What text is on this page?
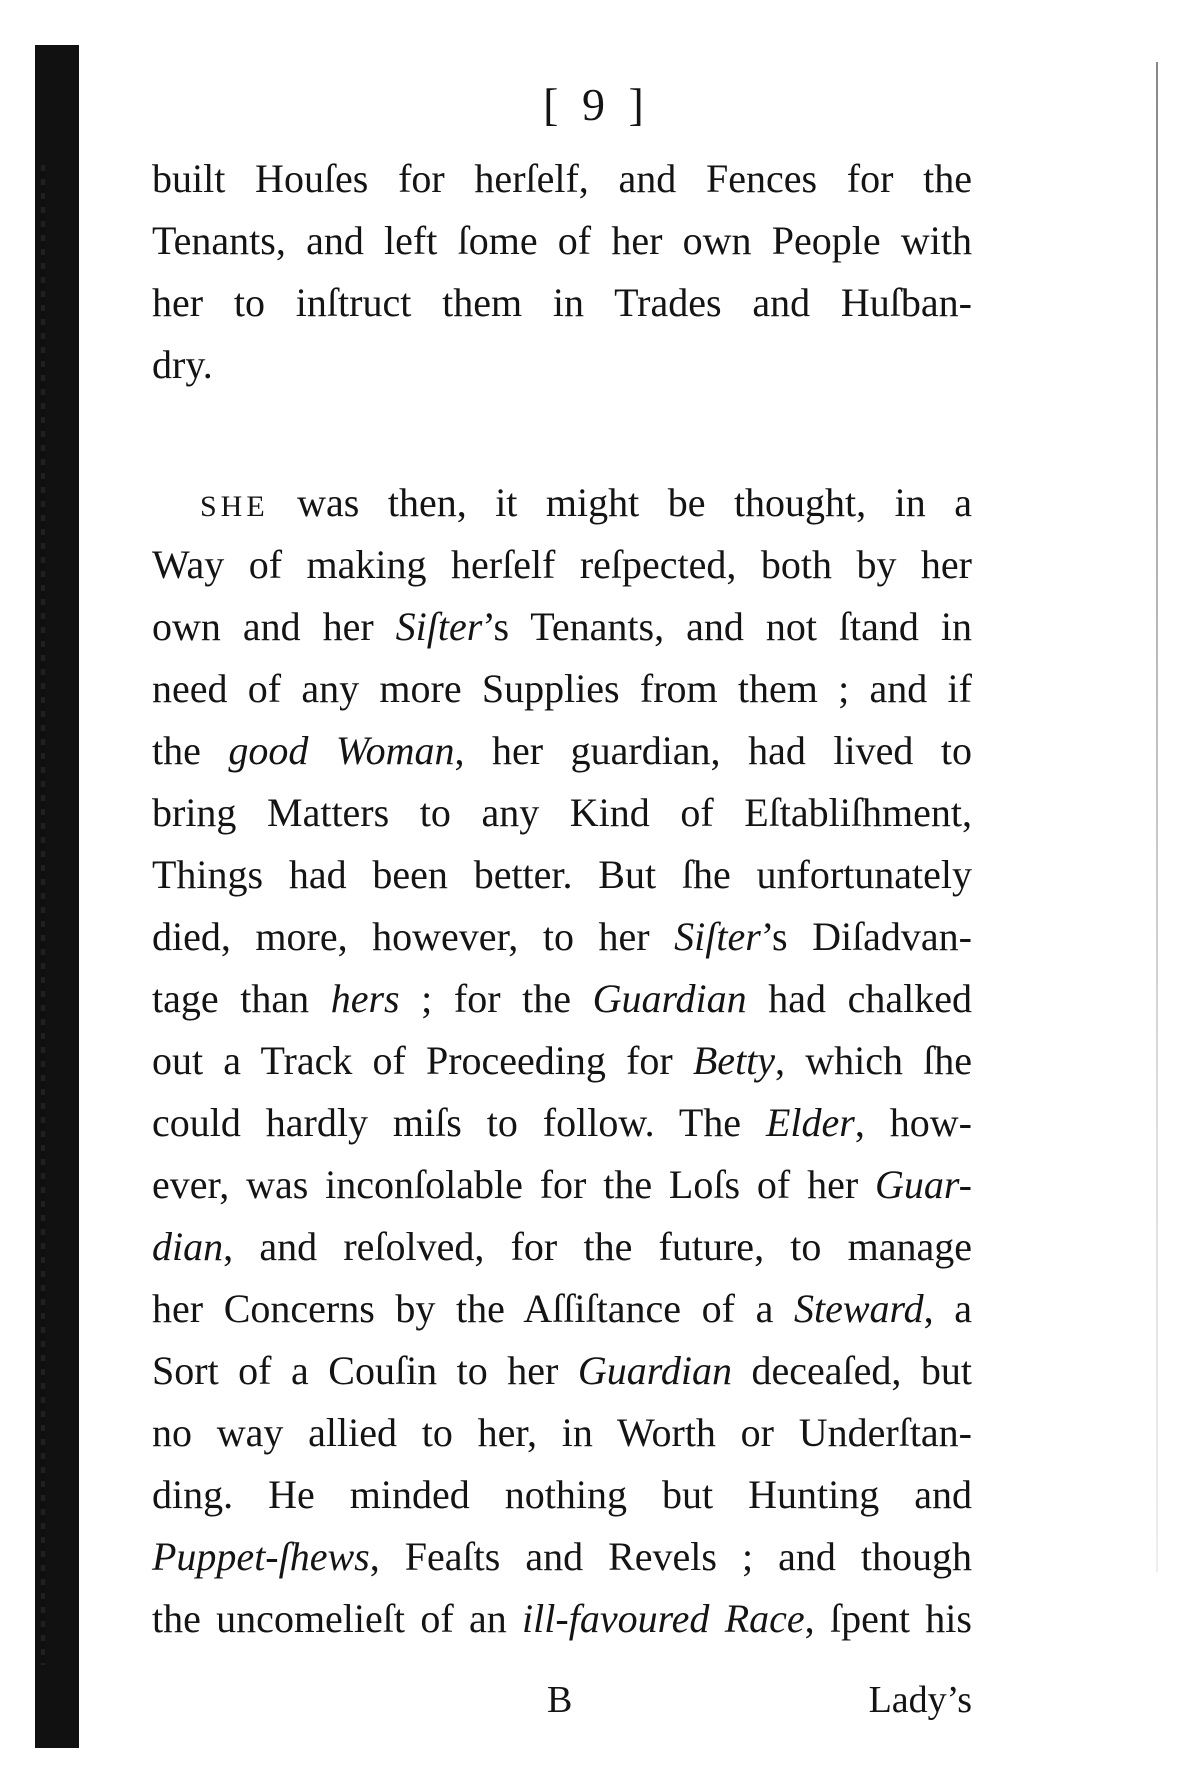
[ 9 ]
built Houſes for herſelf, and Fences for the
Tenants, and left ſome of her own People with
her to inſtruct them in Trades and Huſban-
dry.
SHE was then, it might be thought, in a
Way of making herſelf reſpected, both by her
own and her Siſter’s Tenants, and not ſtand in
need of any more Supplies from them ; and if
the good Woman, her guardian, had lived to
bring Matters to any Kind of Eſtabliſhment,
Things had been better. But ſhe unfortunately
died, more, however, to her Siſter’s Diſadvan-
tage than hers ; for the Guardian had chalked
out a Track of Proceeding for Betty, which ſhe
could hardly miſs to follow. The Elder, how-
ever, was inconſolable for the Loſs of her Guar-
dian, and reſolved, for the future, to manage
her Concerns by the Aſſiſtance of a Steward, a
Sort of a Couſin to her Guardian deceaſed, but
no way allied to her, in Worth or Underſtan-
ding. He minded nothing but Hunting and
Puppet-ſhews, Feaſts and Revels ; and though
the uncomelieſt of an ill-favoured Race, ſpent his
B	Lady’s
